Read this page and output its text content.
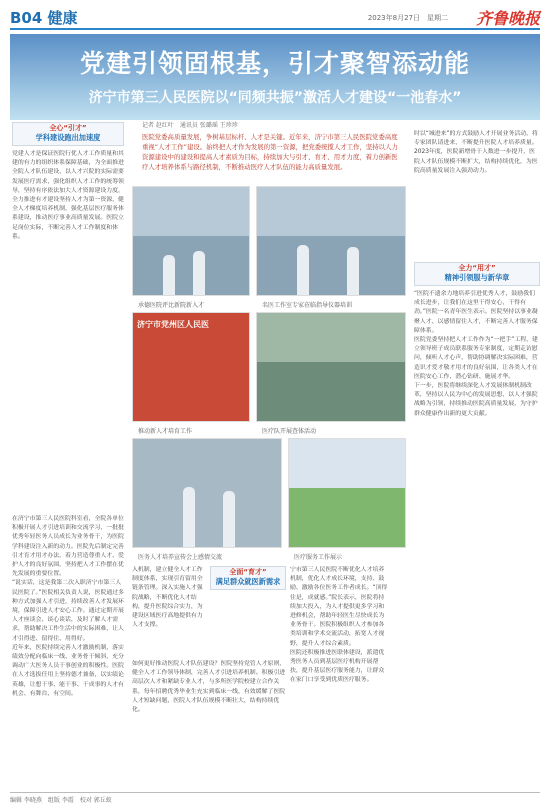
B04 健康	2023年8月27日　星期二 齐鲁晚报
党建引领固根基，引才聚智添动能
济宁市第三人民医院以“同频共振”激活人才建设“一池春水”
记者 赵红叶　通讯员 张璐瑶 王珍珍
医院党委高质量发展，争树基层标杆、人才是关键。近年来，济宁市第三人民医院党委高度重视“人才工作”建设。始终把人才作为发展的第一资源，把党委统揽人才工作，坚持以人力资源建设中的建设和提高人才素质为目标，持续加大与引才、育才、用才力度，着力创新医疗人才培养体系与路径机制，不断推动医疗人才队伍的能力高质量发展。
全心“引才”
学科建设跑出加速度
党建人才是保证医院行优人才工作质量和其建的有力的组织体系保障基础，为全面推进全院人才队伍建设、以人才兴院的实际需要发展医疗需求，强化组织人才工作的统筹领导，坚持有序依法加大人才资源建设力度，全力推进有才建设坚持人才为第一资源，健全人才梯度培养机制，强化基层医疗服务体系建设，推动医疗事业高质量发展。医院立足岗位实际，不断完善人才工作制度和体系。
在济宁市第三人民医院科室看，全院各单位积极开展人才引进培训和交流学习，一批批优秀年轻医务人员成长为业务骨干，为医院学科建设注入新的动力。医院先后制定完善引才育才用才办法，着力营造尊重人才、爱护人才的良好氛围，坚持把人才工作摆在优先发展的重要位置。
“说实话，这是我第二次入职济宁市第三人民医院了。”医院相关负责人说，医院通过多种方式加强人才引进，持续改善人才发展环境，保障引进人才安心工作。通过定期开展人才座谈会、谈心谈话，及时了解人才需求，帮助解决工作生活中的实际困难，让人才引得进、留得住、用得好。
近年来，医院持续完善人才激励机制，落实绩效分配向临床一线、业务骨干倾斜，充分调动广大医务人员干事创业的积极性。医院在人才选拔任用上坚持德才兼备，以实绩论英雄，让想干事、能干事、干成事的人才有机会、有舞台、有空间。
承德医院评比新院新入才	名医工作室专家莅临指导仪器培训
济宁市党州区人民医
推动新人才培育工作	医疗队开展查体活动
医务人才培养宣传会上感情交流	医疗服务工作展示
入机制，建立健全人才工作制度体系，实现引育留用全链条管理。深入实施人才强院战略，不断优化人才结构，提升医院综合实力，为建设区域医疗高地提供有力人才支撑。
全面“育才”
满足群众就医新需求
如何更好推动医院人才队伍建设？医院坚持党管人才原则，健全人才工作领导体制，完善人才引进培养机制。积极引进高层次人才和紧缺专业人才，与多所医学院校建立合作关系，每年招聘优秀毕业生充实到临床一线，有效缓解了医院人才短缺问题，医院人才队伍规模不断壮大，结构持续优化。
宁市第三人民医院不断优化人才培养机制，优化人才成长环境，支持、鼓励、激励各位医务工作者成长。“顶得住是，成就感。”院长表示，医院将持续加大投入，为人才提供更多学习和进修机会，帮助年轻医生尽快成长为业务骨干。医院积极组织人才参加各类培训和学术交流活动，拓宽人才视野，提升人才综合素质。
医院还积极推进医联体建设，派遣优秀医务人员到基层医疗机构开展帮扶，提升基层医疗服务能力，让群众在家门口享受到优质医疗服务。
时以“城进来”的方式鼓励人才开展业务活动，将专家团队请进来，不断提升医院人才培养质量。2023年度，医院新增骨干人数进一步提升，医院人才队伍规模不断扩大，结构持续优化，为医院高质量发展注入强劲动力。
全力“用才”
精神引领服与新华章
“医院不遗余力地培养引进优秀人才，鼓励我们成长进步，让我们在这里干得安心，干得有劲。”医院一名青年医生表示。医院坚持以事业凝聚人才、以感情留住人才，不断完善人才服务保障体系。
医院党委坚持把人才工作作为“一把手”工程，建立领导班子成员联系服务专家制度，定期走访慰问，倾听人才心声，帮助协调解决实际困难，营造识才爱才敬才用才的良好氛围，让各类人才在医院安心工作、潜心钻研、施展才华。
下一步，医院将继续深化人才发展体制机制改革，坚持以人民为中心的发展思想，以人才强院战略为引领，持续推动医院高质量发展，为守护群众健康作出新的更大贡献。
编辑 李晓燕　组版 李霞　校对 郭丘蚁
